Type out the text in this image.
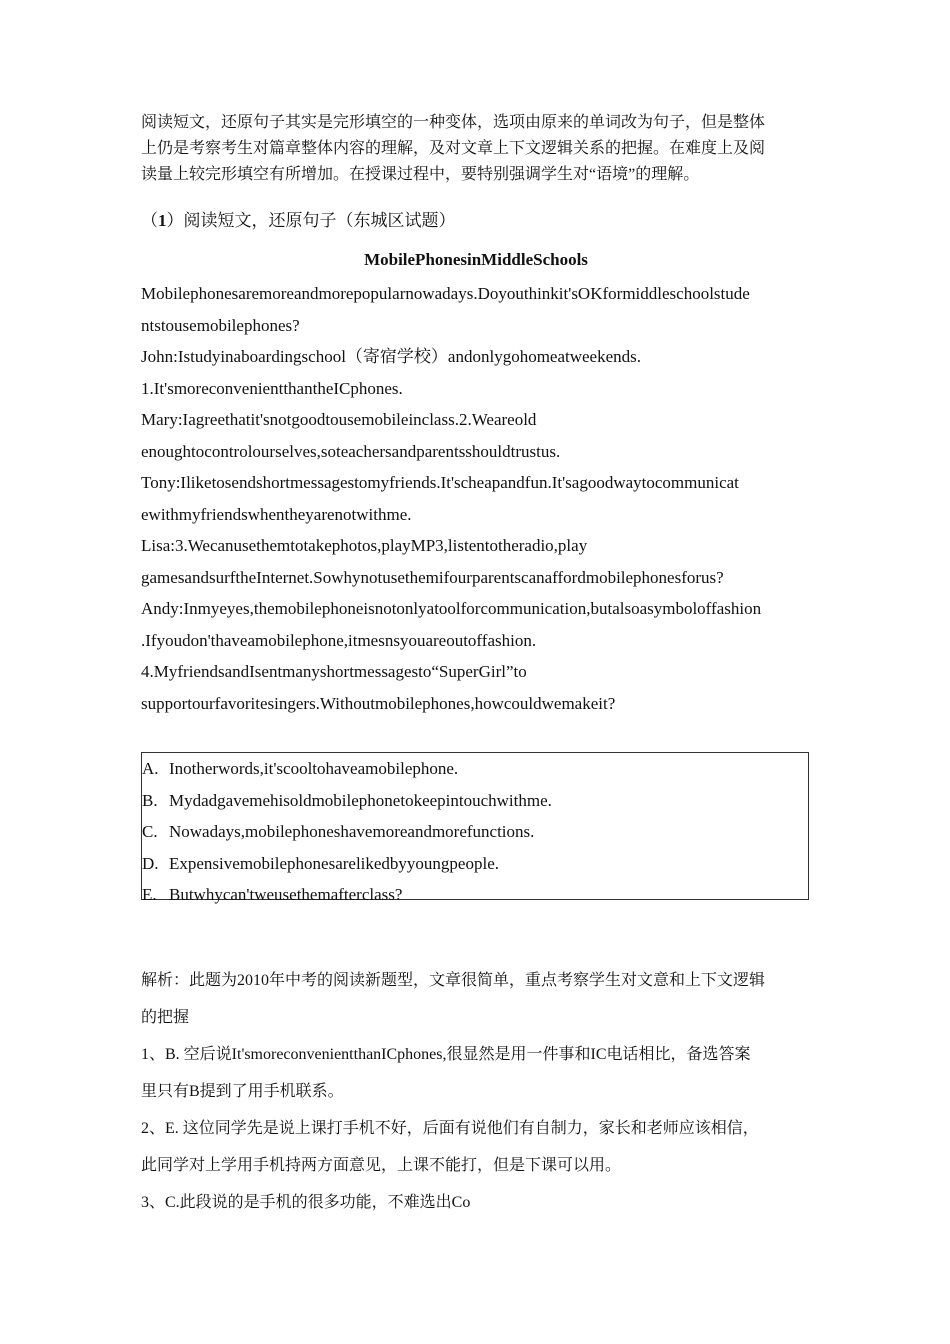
阅读短文，还原句子其实是完形填空的一种变体，选项由原来的单词改为句子，但是整体

上仍是考察考生对篇章整体内容的理解，及对文章上下文逻辑关系的把握。在难度上及阅

读量上较完形填空有所增加。在授课过程中，要特别强调学生对“语境”的理解。

（1）阅读短文，还原句子（东城区试题）

MobilePhonesinMiddleSchools

Mobilephonesaremoreandmorepopularnowadays.Doyouthinkit'sOKformiddleschoolstude
ntstousemobilephones?
John:Istudyinaboardingschool（寄宿学校）andonlygohomeatweekends.
1.It'smoreconvenientthantheICphones.
Mary:Iagreethatit'snotgoodtousemobileinclass.2.Weareold
enoughtocontrolourselves,soteachersandparentsshouldtrustus.
Tony:Iliketosendshortmessagestomyfriends.It'scheapandfun.It'sagoodwaytocommunicat
ewithmyfriendswhentheyarenotwithme.
Lisa:3.Wecanusethemtotakephotos,playMP3,listentotheradio,play
gamesandsurftheInternet.Sowhynotusethemifourparentscanaffordmobilephonesforus?
Andy:Inmyeyes,themobilephoneisnotonlyatoolforcommunication,butalsoasymboloffashion
.Ifyoudon'thaveamobilephone,itmesnsyouareoutoffashion.
4.MyfriendsandIsentmanyshortmessagesto“SuperGirl”to
supportourfavoritesingers.Withoutmobilephones,howcouldwemakeit?
A. Inotherwords,it'scooltohaveamobilephone.
B. Mydadgavemehisoldmobilephonetokeepintouchwithme.
C. Nowadays,mobilephoneshavemoreandmorefunctions.
D. Expensivemobilephonesarelikedbyyoungpeople.
E. Butwhycan'tweusethemafterclass?
解析：此题为2010年中考的阅读新题型，文章很简单，重点考察学生对文意和上下文逻辑
的把握
1、B. 空后说It'smoreconvenientthanICphones,很显然是用一件事和IC电话相比，备选答案
里只有B提到了用手机联系。
2、E. 这位同学先是说上课打手机不好，后面有说他们有自制力，家长和老师应该相信，
此同学对上学用手机持两方面意见，上课不能打，但是下课可以用。
3、C.此段说的是手机的很多功能，不难选出Co
